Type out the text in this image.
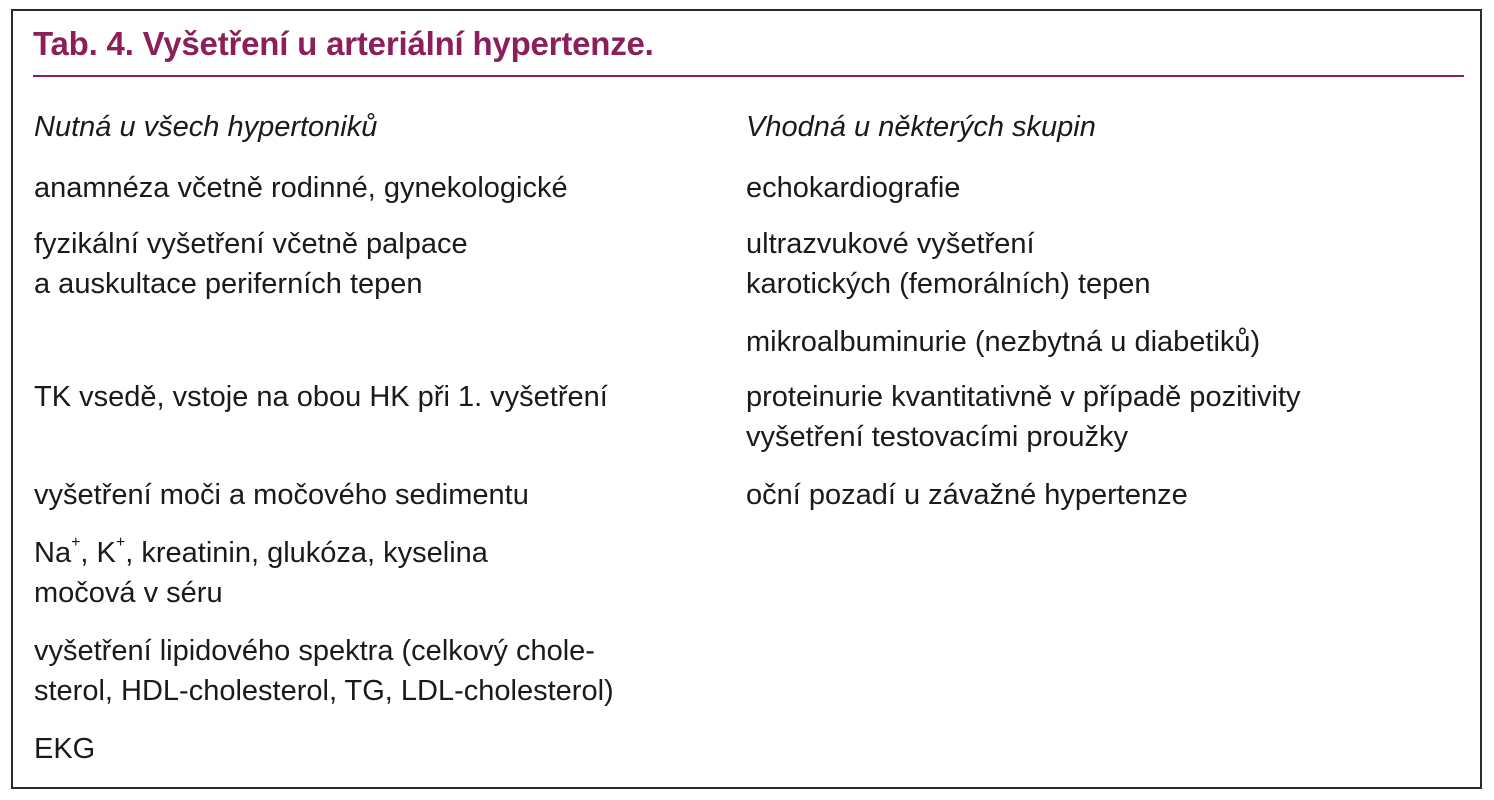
Tab. 4. Vyšetření u arteriální hypertenze.

Nutná u všech hypertoniků	Vhodná u některých skupin

anamnéza včetně rodinné, gynekologické

fyzikální vyšetření včetně palpace
a auskultace periferních tepen

TK vsedě, vstoje na obou HK při 1. vyšetření

vyšetření moči a močového sedimentu

Na+, K+, kreatinin, glukóza, kyselina
močová v séru

vyšetření lipidového spektra (celkový chole-
sterol, HDL-cholesterol, TG, LDL-cholesterol)

EKG

echokardiografie

ultrazvukové vyšetření
karotických (femorálních) tepen

mikroalbuminurie (nezbytná u diabetiků)

proteinurie kvantitativně v případě pozitivity
vyšetření testovacími proužky

oční pozadí u závažné hypertenze
